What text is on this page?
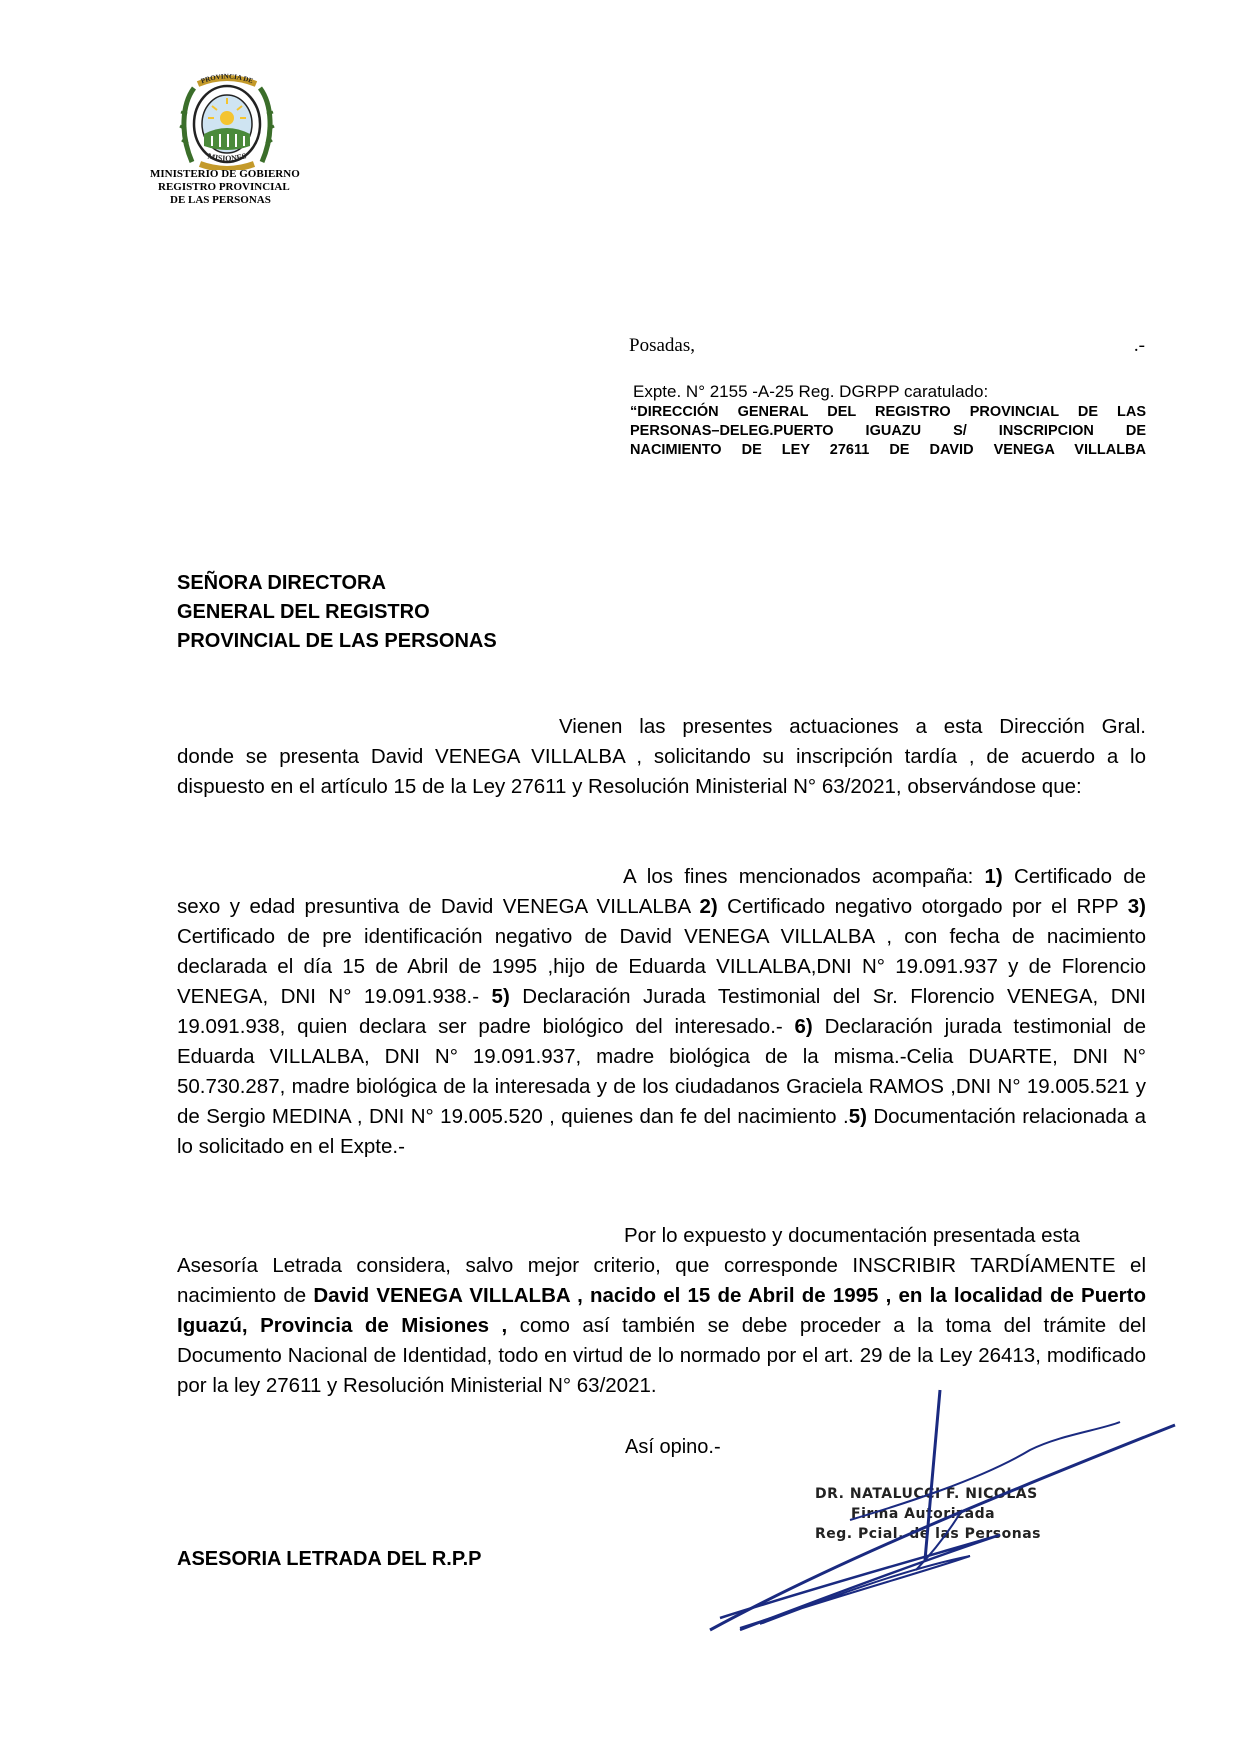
PROVINCIA DE
MISIONES
MINISTERIO DE GOBIERNO
REGISTRO PROVINCIAL
DE LAS PERSONAS
Posadas,	.-
Expte. N° 2155 -A-25 Reg. DGRPP caratulado:
“DIRECCIÓN GENERAL DEL REGISTRO PROVINCIAL DE LAS
PERSONAS–DELEG.PUERTO IGUAZU S/ INSCRIPCION DE
NACIMIENTO DE LEY 27611 DE DAVID VENEGA VILLALBA
SEÑORA DIRECTORA
GENERAL DEL REGISTRO
PROVINCIAL DE LAS PERSONAS
Vienen las presentes actuaciones a esta Dirección Gral.
donde se presenta David VENEGA VILLALBA , solicitando su inscripción tardía , de acuerdo a lo dispuesto en el artículo 15 de la Ley 27611 y Resolución Ministerial N° 63/2021, observándose que:
A los fines mencionados acompaña: 1) Certificado de sexo y edad presuntiva de David VENEGA VILLALBA 2) Certificado negativo otorgado por el RPP 3) Certificado de pre identificación negativo de David VENEGA VILLALBA , con fecha de nacimiento declarada el día 15 de Abril de 1995 ,hijo de Eduarda VILLALBA,DNI N° 19.091.937 y de Florencio VENEGA, DNI N° 19.091.938.- 5) Declaración Jurada Testimonial del Sr. Florencio VENEGA, DNI 19.091.938, quien declara ser padre biológico del interesado.- 6) Declaración jurada testimonial de Eduarda VILLALBA, DNI N° 19.091.937, madre biológica de la misma.-Celia DUARTE, DNI N° 50.730.287, madre biológica de la interesada y de los ciudadanos Graciela RAMOS ,DNI N° 19.005.521 y de Sergio MEDINA , DNI N° 19.005.520 , quienes dan fe del nacimiento .5) Documentación relacionada a lo solicitado en el Expte.-
Por lo expuesto y documentación presentada esta
Asesoría Letrada considera, salvo mejor criterio, que corresponde INSCRIBIR TARDÍAMENTE el nacimiento de David VENEGA VILLALBA , nacido el 15 de Abril de 1995 , en la localidad de Puerto Iguazú, Provincia de Misiones , como así también se debe proceder a la toma del trámite del Documento Nacional de Identidad, todo en virtud de lo normado por el art. 29 de la Ley 26413, modificado por la ley 27611 y Resolución Ministerial N° 63/2021.
Así opino.-
DR. NATALUCCI F. NICOLAS
Firma Autorizada
Reg. Pcial. de las Personas
ASESORIA LETRADA DEL R.P.P
